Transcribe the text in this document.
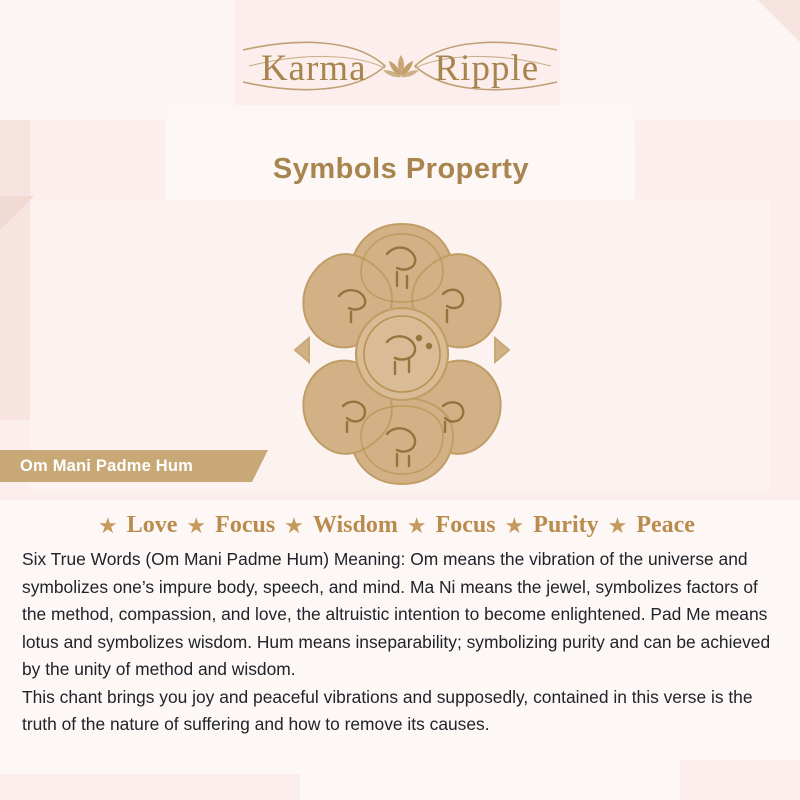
Karma Ripple
Symbols Property
Om Mani Padme Hum
★ Love ★ Focus ★ Wisdom ★ Focus ★ Purity ★ Peace

Six True Words (Om Mani Padme Hum) Meaning: Om means the vibration of the universe and symbolizes one’s impure body, speech, and mind. Ma Ni means the jewel, symbolizes factors of the method, compassion, and love, the altruistic intention to become enlightened. Pad Me means lotus and symbolizes wisdom. Hum means inseparability; symbolizing purity and can be achieved by the unity of method and wisdom.

This chant brings you joy and peaceful vibrations and supposedly, contained in this verse is the truth of the nature of suffering and how to remove its causes.
